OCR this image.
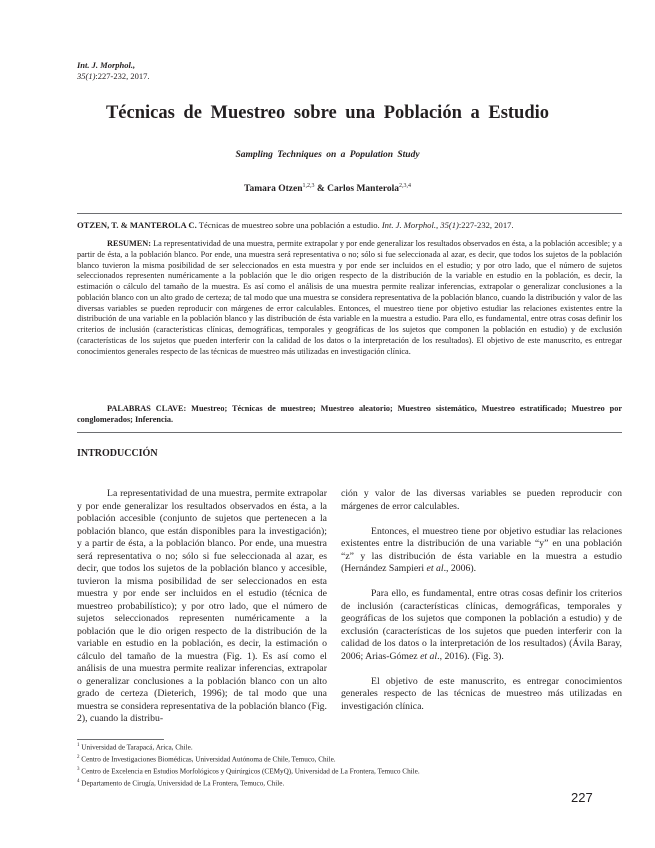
Int. J. Morphol.,
35(1):227-232, 2017.
Técnicas de Muestreo sobre una Población a Estudio
Sampling Techniques on a Population Study
Tamara Otzen$^{1,2,3}$ & Carlos Manterola$^{2,3,4}$
OTZEN, T. & MANTEROLA C. Técnicas de muestreo sobre una población a estudio. Int. J. Morphol., 35(1):227-232, 2017.
RESUMEN: La representatividad de una muestra, permite extrapolar y por ende generalizar los resultados observados en ésta, a la población accesible; y a partir de ésta, a la población blanco. Por ende, una muestra será representativa o no; sólo si fue seleccionada al azar, es decir, que todos los sujetos de la población blanco tuvieron la misma posibilidad de ser seleccionados en esta muestra y por ende ser incluidos en el estudio; y por otro lado, que el número de sujetos seleccionados representen numéricamente a la población que le dio origen respecto de la distribución de la variable en estudio en la población, es decir, la estimación o cálculo del tamaño de la muestra. Es así como el análisis de una muestra permite realizar inferencias, extrapolar o generalizar conclusiones a la población blanco con un alto grado de certeza; de tal modo que una muestra se considera representativa de la población blanco, cuando la distribución y valor de las diversas variables se pueden reproducir con márgenes de error calculables. Entonces, el muestreo tiene por objetivo estudiar las relaciones existentes entre la distribución de una variable en la población blanco y las distribución de ésta variable en la muestra a estudio. Para ello, es fundamental, entre otras cosas definir los criterios de inclusión (características clínicas, demográficas, temporales y geográficas de los sujetos que componen la población en estudio) y de exclusión (características de los sujetos que pueden interferir con la calidad de los datos o la interpretación de los resultados). El objetivo de este manuscrito, es entregar conocimientos generales respecto de las técnicas de muestreo más utilizadas en investigación clínica.
PALABRAS CLAVE: Muestreo; Técnicas de muestreo; Muestreo aleatorio; Muestreo sistemático, Muestreo estratificado; Muestreo por conglomerados; Inferencia.
INTRODUCCIÓN

La representatividad de una muestra, permite extrapolar y por ende generalizar los resultados observados en ésta, a la población accesible (conjunto de sujetos que pertenecen a la población blanco, que están disponibles para la investigación); y a partir de ésta, a la población blanco. Por ende, una muestra será representativa o no; sólo si fue seleccionada al azar, es decir, que todos los sujetos de la población blanco y accesible, tuvieron la misma posibilidad de ser seleccionados en esta muestra y por ende ser incluidos en el estudio (técnica de muestreo probabilístico); y por otro lado, que el número de sujetos seleccionados representen numéricamente a la población que le dio origen respecto de la distribución de la variable en estudio en la población, es decir, la estimación o cálculo del tamaño de la muestra (Fig. 1). Es así como el análisis de una muestra permite realizar inferencias, extrapolar o generalizar conclusiones a la población blanco con un alto grado de certeza (Dieterich, 1996); de tal modo que una muestra se considera representativa de la población blanco (Fig. 2), cuando la distribu-

ción y valor de las diversas variables se pueden reproducir con márgenes de error calculables.

Entonces, el muestreo tiene por objetivo estudiar las relaciones existentes entre la distribución de una variable “y” en una población “z” y las distribución de ésta variable en la muestra a estudio (Hernández Sampieri et al., 2006).

Para ello, es fundamental, entre otras cosas definir los criterios de inclusión (características clínicas, demográficas, temporales y geográficas de los sujetos que componen la población a estudio) y de exclusión (características de los sujetos que pueden interferir con la calidad de los datos o la interpretación de los resultados) (Ávila Baray, 2006; Arias-Gómez et al., 2016). (Fig. 3).

El objetivo de este manuscrito, es entregar conocimientos generales respecto de las técnicas de muestreo más utilizadas en investigación clínica.

$^1$ Universidad de Tarapacá, Arica, Chile.
$^2$ Centro de Investigaciones Biomédicas, Universidad Autónoma de Chile, Temuco, Chile.
$^3$ Centro de Excelencia en Estudios Morfológicos y Quirúrgicos (CEMyQ), Universidad de La Frontera, Temuco Chile.
$^4$ Departamento de Cirugía, Universidad de La Frontera, Temuco, Chile.
227
